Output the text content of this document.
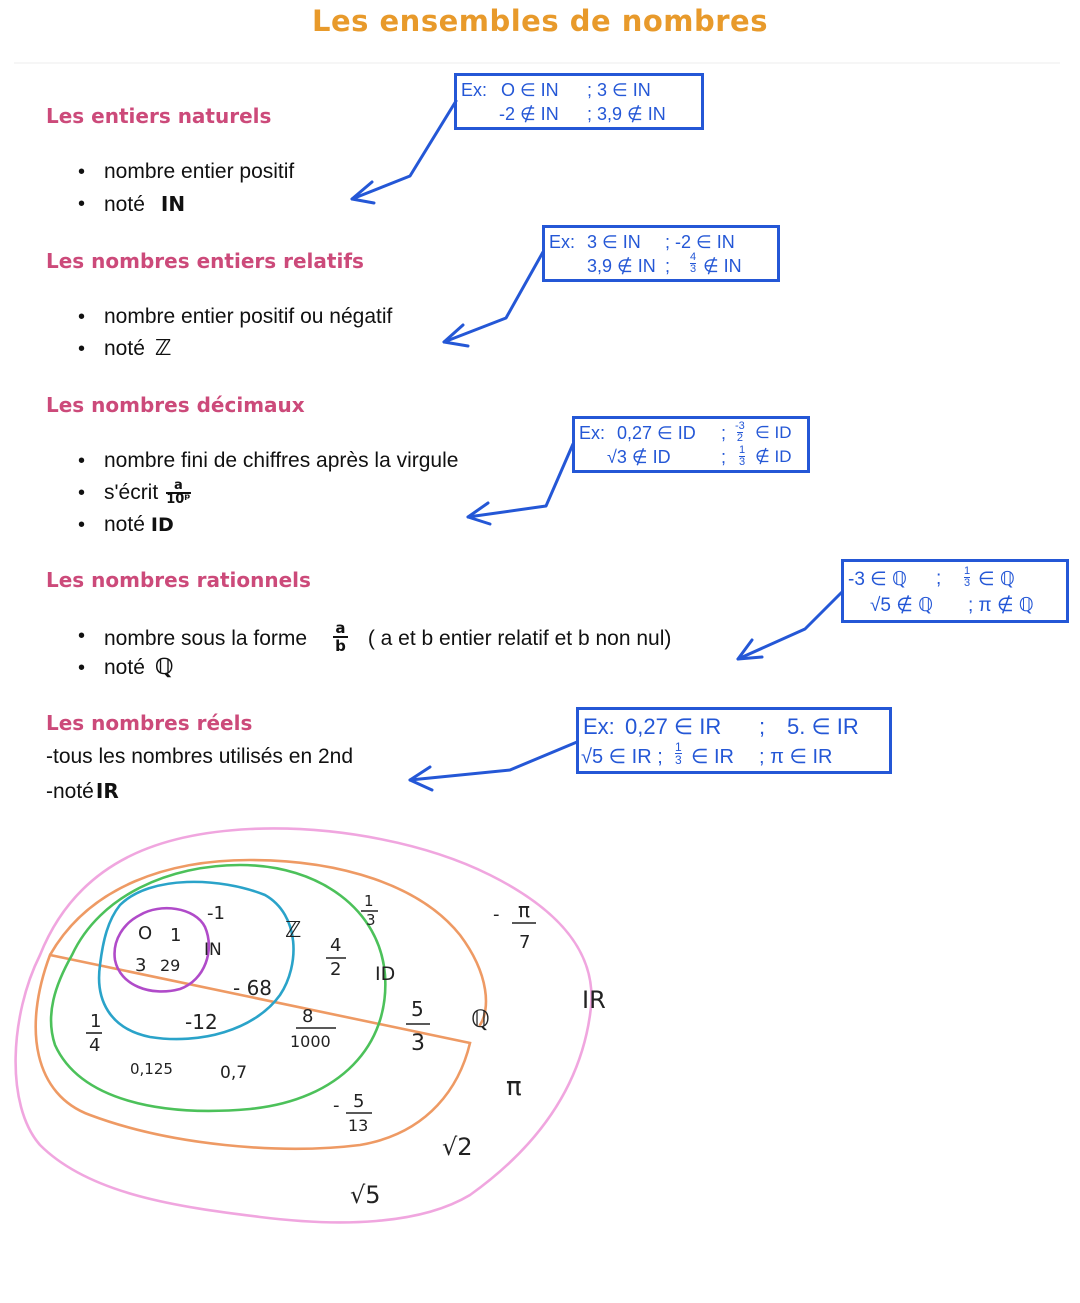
Les ensembles de nombres
Les entiers naturels
• nombre entier positif
• noté IN
Ex: O ∈ IN ; 3 ∈ IN
-2 ∉ IN ; 3,9 ∉ IN
Les nombres entiers relatifs
• nombre entier positif ou négatif
• noté ℤ
Ex: 3 ∈ IN ; -2 ∈ IN
3,9 ∉ IN ; 4
3 ∉ IN
Les nombres décimaux
• nombre fini de chiffres après la virgule
• s'écrit $\frac{a}{\text{10ᵖ}}$
• noté ID
Ex: 0,27 ∈ ID ; -3
2 ∈ ID
√3 ∉ ID	; 1
3 ∉ ID
Les nombres rationnels
• nombre sous la forme $\frac{a}{b}$ ( a et b entier relatif et b non nul)
• noté ℚ
-3 ∈ ℚ ; 1
3 ∈ ℚ
√5 ∉ ℚ ; π ∉ ℚ
Les nombres réels
-tous les nombres utilisés en 2nd
-noté IR
Ex: 0,27 ∈ IR ; 5. ∈ IR
√5 ∈ IR ; 1
3 ∈ IR ; π ∈ IR
IN
ℤ
ID
ℚ
IR
O 1
3 29
-1
- 68
-12
1
4
0,125	0,7
8
1000
4
2
1
3
5
3
- 5
13
- π
7
π
√2
√5
